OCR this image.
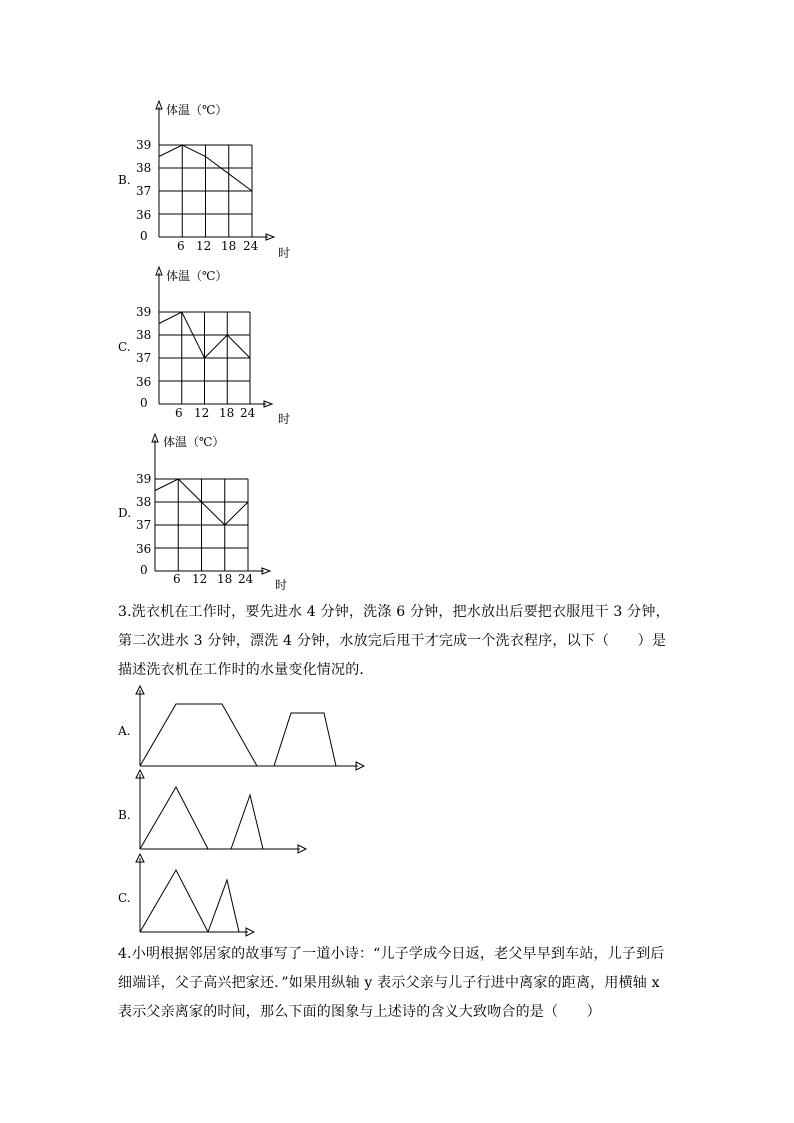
B.
体温（℃）
39
38
37
36
0
6 12 18 24 时
C.
体温（℃）
39
38
37
36
0
6 12 18 24 时
D.
体温（℃）
39
38
37
36
0
6 12 18 24 时
3.洗衣机在工作时，要先进水 4 分钟，洗涤 6 分钟，把水放出后要把衣服甩干 3 分钟，第二次进水 3 分钟，漂洗 4 分钟，水放完后甩干才完成一个洗衣程序，以下（　　）是描述洗衣机在工作时的水量变化情况的．
A.
B.
C.
4.小明根据邻居家的故事写了一道小诗：“儿子学成今日返，老父早早到车站，儿子到后细端详，父子高兴把家还．”如果用纵轴 y 表示父亲与儿子行进中离家的距离，用横轴 x 表示父亲离家的时间，那么下面的图象与上述诗的含义大致吻合的是（　　）
